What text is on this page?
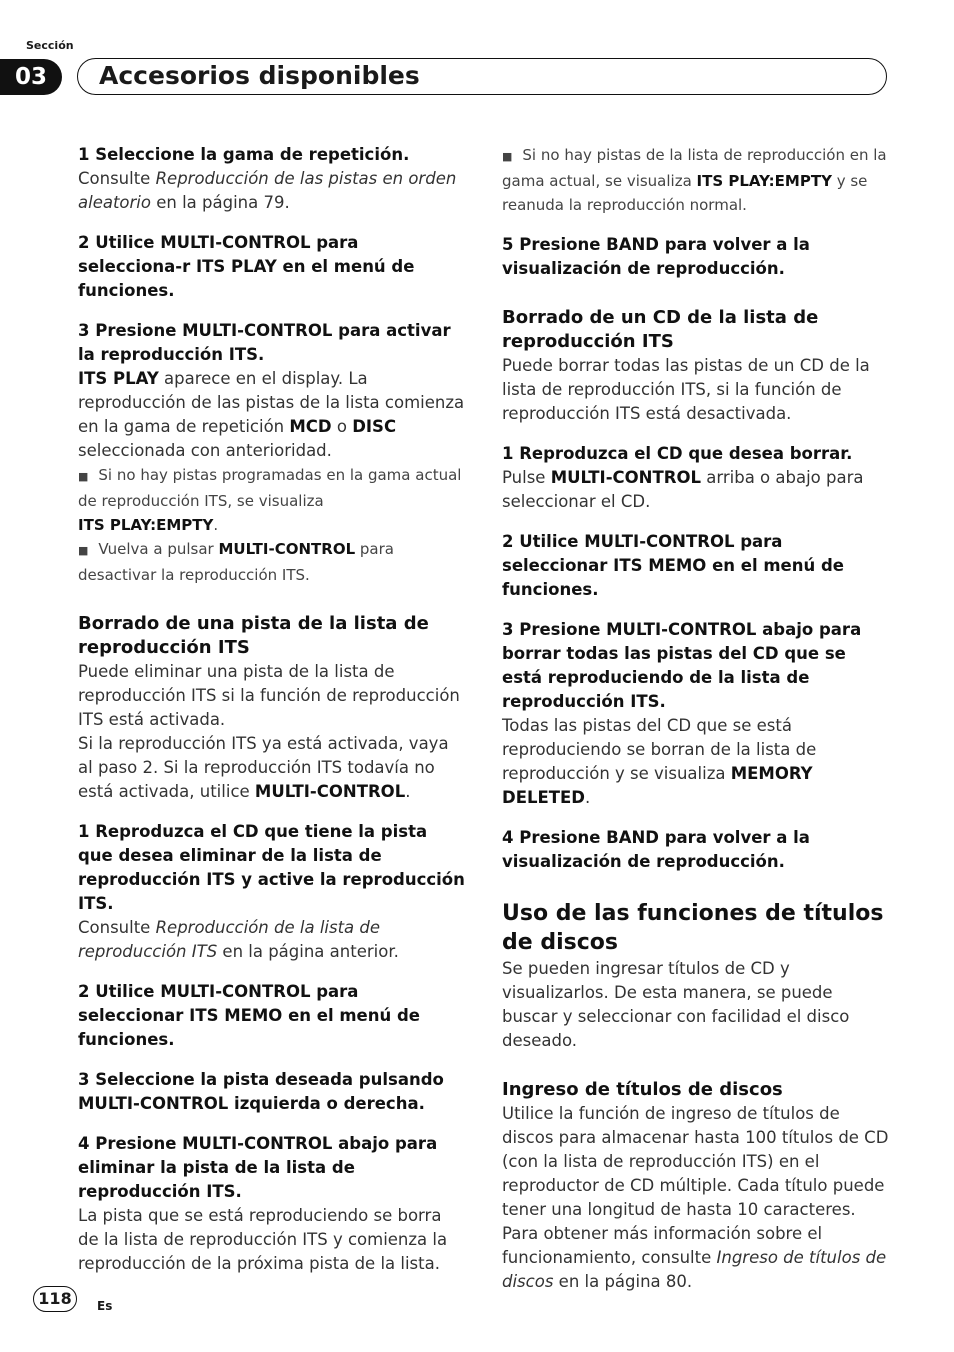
Sección
03	Accesorios disponibles

1 Seleccione la gama de repetición.

Consulte Reproducción de las pistas en orden aleatorio en la página 79.

2 Utilice MULTI-CONTROL para selecciona-r ITS PLAY en el menú de funciones.

3 Presione MULTI-CONTROL para activar la reproducción ITS.

ITS PLAY aparece en el display. La reproducción de las pistas de la lista comienza en la gama de repetición MCD o DISC seleccionada con anterioridad.

■ Si no hay pistas programadas en la gama actual de reproducción ITS, se visualiza

ITS PLAY:EMPTY.

■ Vuelva a pulsar MULTI-CONTROL para desactivar la reproducción ITS.

Borrado de una pista de la lista de reproducción ITS

Puede eliminar una pista de la lista de reproducción ITS si la función de reproducción ITS está activada.

Si la reproducción ITS ya está activada, vaya al paso 2. Si la reproducción ITS todavía no está activada, utilice MULTI-CONTROL.

1 Reproduzca el CD que tiene la pista que desea eliminar de la lista de reproducción ITS y active la reproducción ITS.

Consulte Reproducción de la lista de reproducción ITS en la página anterior.

2 Utilice MULTI-CONTROL para seleccionar ITS MEMO en el menú de funciones.

3 Seleccione la pista deseada pulsando MULTI-CONTROL izquierda o derecha.

4 Presione MULTI-CONTROL abajo para eliminar la pista de la lista de reproducción ITS.

La pista que se está reproduciendo se borra de la lista de reproducción ITS y comienza la reproducción de la próxima pista de la lista.

■ Si no hay pistas de la lista de reproducción en la gama actual, se visualiza ITS PLAY:EMPTY y se reanuda la reproducción normal.

5 Presione BAND para volver a la visualización de reproducción.

Borrado de un CD de la lista de reproducción ITS

Puede borrar todas las pistas de un CD de la lista de reproducción ITS, si la función de reproducción ITS está desactivada.

1 Reproduzca el CD que desea borrar.

Pulse MULTI-CONTROL arriba o abajo para seleccionar el CD.

2 Utilice MULTI-CONTROL para seleccionar ITS MEMO en el menú de funciones.

3 Presione MULTI-CONTROL abajo para borrar todas las pistas del CD que se está reproduciendo de la lista de reproducción ITS.

Todas las pistas del CD que se está reproduciendo se borran de la lista de reproducción y se visualiza MEMORY DELETED.

4 Presione BAND para volver a la visualización de reproducción.

Uso de las funciones de títulos de discos

Se pueden ingresar títulos de CD y visualizarlos. De esta manera, se puede buscar y seleccionar con facilidad el disco deseado.

Ingreso de títulos de discos

Utilice la función de ingreso de títulos de discos para almacenar hasta 100 títulos de CD (con la lista de reproducción ITS) en el reproductor de CD múltiple. Cada título puede tener una longitud de hasta 10 caracteres.

Para obtener más información sobre el funcionamiento, consulte Ingreso de títulos de discos en la página 80.

118	Es
